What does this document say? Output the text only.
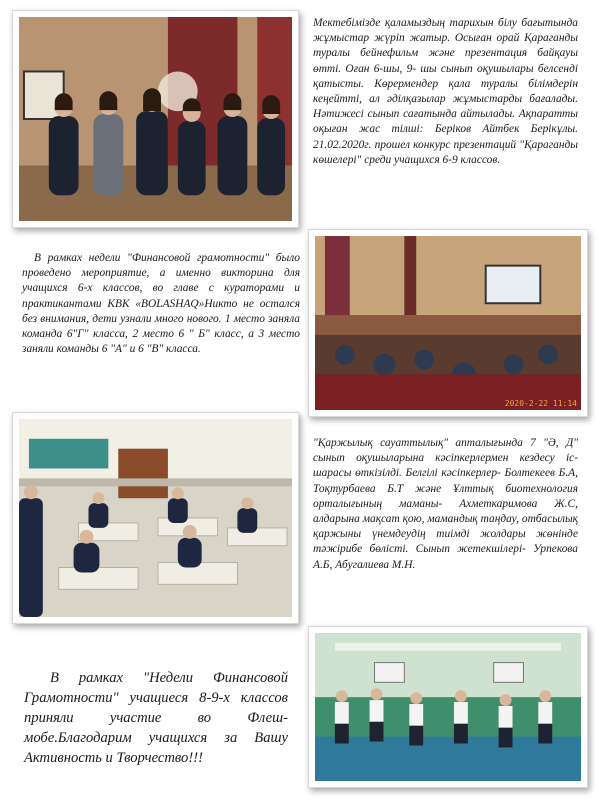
Мектебімізде қаламыздың тарихын білу бағытында жұмыстар жүріп жатыр. Осыған орай Қараганды туралы бейнефильм және презентация байқауы өтті. Оған 6-шы, 9- шы сынып оқушылары белсенді қатысты. Көрермендер қала туралы білімдерін кеңейтті, ал әділқазылар жұмыстарды бағалады. Нәтижесі сынып сағатында айтылады. Ақпаратты оқыған жас тілші: Беріков Айтбек Берікұлы. 21.02.2020г. прошел конкурс презентаций "Қараганды көшелері" среди учащихся 6-9 классов.

В рамках недели "Финансовой грамотности" было проведено мероприятие, а именно викторина для учащихся 6-х классов, во главе с кураторами и практикантами КВК «BOLASHAQ»Никто не остался без внимания, дети узнали много нового. 1 место заняла команда 6"Г" класса, 2 место 6 " Б" класс, а 3 место заняли команды 6 "А" и 6 "В" класса.

2020-2-22 11:14

"Қаржылық сауаттылық" апталығында 7 "Ә, Д" сынып оқушыларына кәсіпкерлермен кездесу іс-шарасы өткізілді. Белгілі кәсіпкерлер- Болтекеев Б.А, Тоқтурбаева Б.Т және Ұлттық биотехнология орталығының маманы- Ахметкаримова Ж.С, алдарына мақсат қою, мамандық таңдау, отбасылық қаржыны үнемдеудің тиімді жолдары жөнінде тәжірибе бөлісті. Сынып жетекшілері- Урпекова А.Б, Абугалиева М.Н.

В рамках "Недели Финансовой Грамотности" учащиеся 8-9-х классов приняли участие во Флеш-мобе.Благодарим учащихся за Вашу Активность и Творчество!!!
